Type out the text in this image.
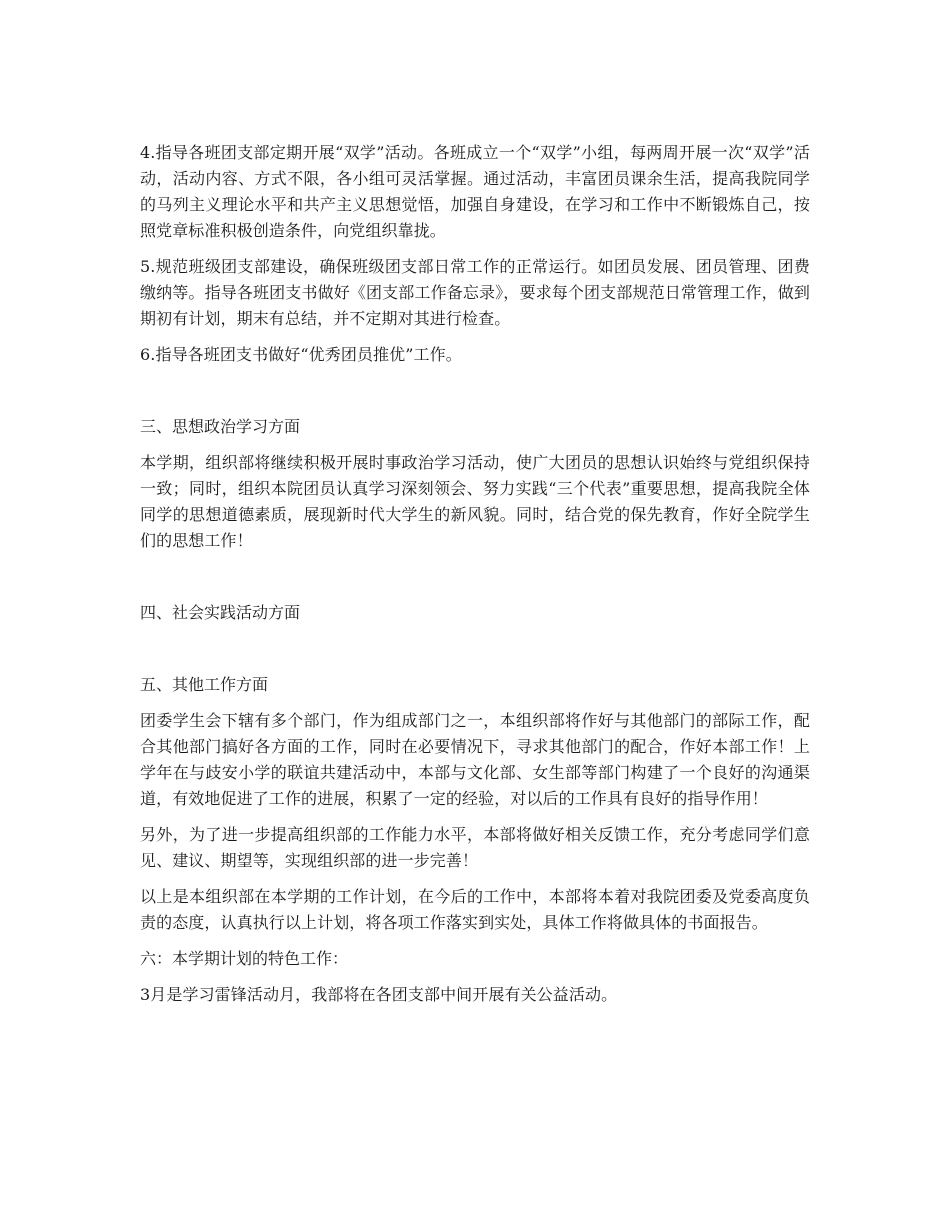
4.指导各班团支部定期开展“双学”活动。各班成立一个“双学”小组，每两周开展一次“双学”活动，活动内容、方式不限，各小组可灵活掌握。通过活动，丰富团员课余生活，提高我院同学的马列主义理论水平和共产主义思想觉悟，加强自身建设，在学习和工作中不断锻炼自己，按照党章标准积极创造条件，向党组织靠拢。

5.规范班级团支部建设，确保班级团支部日常工作的正常运行。如团员发展、团员管理、团费缴纳等。指导各班团支书做好《团支部工作备忘录》，要求每个团支部规范日常管理工作，做到期初有计划，期末有总结，并不定期对其进行检查。

6.指导各班团支书做好“优秀团员推优”工作。

三、思想政治学习方面

本学期，组织部将继续积极开展时事政治学习活动，使广大团员的思想认识始终与党组织保持一致；同时，组织本院团员认真学习深刻领会、努力实践“三个代表”重要思想，提高我院全体同学的思想道德素质，展现新时代大学生的新风貌。同时，结合党的保先教育，作好全院学生们的思想工作！

四、社会实践活动方面

五、其他工作方面

团委学生会下辖有多个部门，作为组成部门之一，本组织部将作好与其他部门的部际工作，配合其他部门搞好各方面的工作，同时在必要情况下，寻求其他部门的配合，作好本部工作！上学年在与歧安小学的联谊共建活动中，本部与文化部、女生部等部门构建了一个良好的沟通渠道，有效地促进了工作的进展，积累了一定的经验，对以后的工作具有良好的指导作用！

另外，为了进一步提高组织部的工作能力水平，本部将做好相关反馈工作，充分考虑同学们意见、建议、期望等，实现组织部的进一步完善！

以上是本组织部在本学期的工作计划，在今后的工作中，本部将本着对我院团委及党委高度负责的态度，认真执行以上计划，将各项工作落实到实处，具体工作将做具体的书面报告。

六：本学期计划的特色工作：

3月是学习雷锋活动月，我部将在各团支部中间开展有关公益活动。
